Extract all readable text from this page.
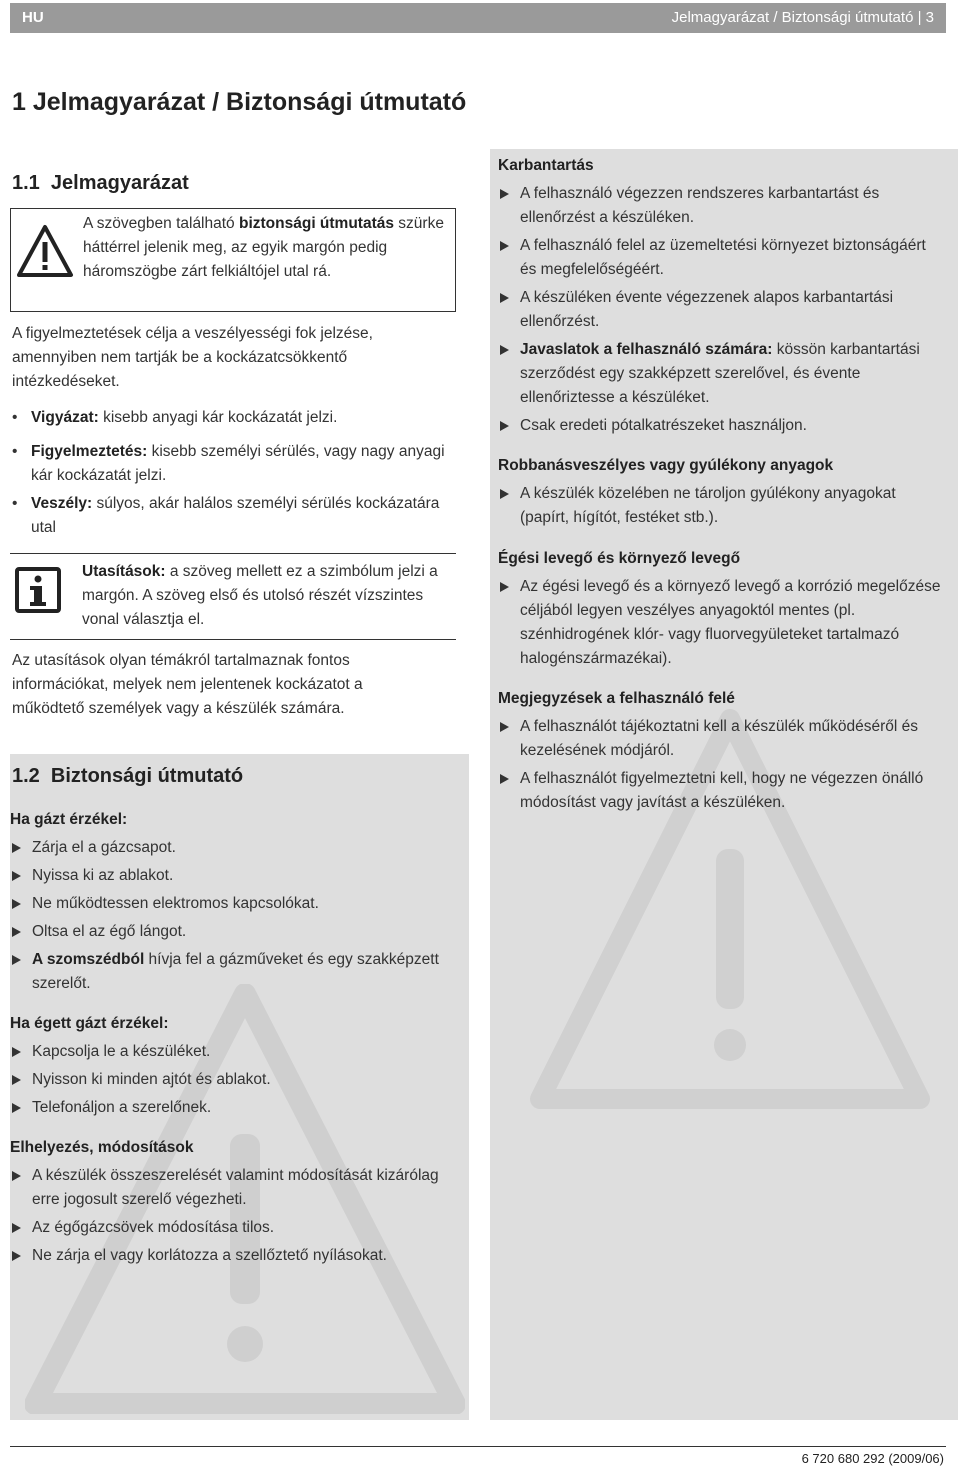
HU	Jelmagyarázat / Biztonsági útmutató | 3
1 Jelmagyarázat / Biztonsági útmutató
1.1  Jelmagyarázat
A szövegben található biztonsági útmutatás szürke háttérrel jelenik meg, az egyik margón pedig háromszögbe zárt felkiáltójel utal rá.
A figyelmeztetések célja a veszélyességi fok jelzése, amennyiben nem tartják be a kockázatcsökkentő intézkedéseket.
• Vigyázat: kisebb anyagi kár kockázatát jelzi.
• Figyelmeztetés: kisebb személyi sérülés, vagy nagy anyagi kár kockázatát jelzi.
• Veszély: súlyos, akár halálos személyi sérülés kockázatára utal
Utasítások: a szöveg mellett ez a szimbólum jelzi a margón. A szöveg első és utolsó részét vízszintes vonal választja el.
Az utasítások olyan témákról tartalmaznak fontos információkat, melyek nem jelentenek kockázatot a működtető személyek vagy a készülék számára.
1.2  Biztonsági útmutató
Ha gázt érzékel:
Zárja el a gázcsapot.
Nyissa ki az ablakot.
Ne működtessen elektromos kapcsolókat.
Oltsa el az égő lángot.
A szomszédból hívja fel a gázműveket és egy szakképzett szerelőt.
Ha égett gázt érzékel:
Kapcsolja le a készüléket.
Nyisson ki minden ajtót és ablakot.
Telefonáljon a szerelőnek.
Elhelyezés, módosítások
A készülék összeszerelését valamint módosítását kizárólag erre jogosult szerelő végezheti.
Az égőgázcsövek módosítása tilos.
Ne zárja el vagy korlátozza a szellőztető nyílásokat.
Karbantartás
A felhasználó végezzen rendszeres karbantartást és ellenőrzést a készüléken.
A felhasználó felel az üzemeltetési környezet biztonságáért és megfelelőségéért.
A készüléken évente végezzenek alapos karbantartási ellenőrzést.
Javaslatok a felhasználó számára: kössön karbantartási szerződést egy szakképzett szerelővel, és évente ellenőriztesse a készüléket.
Csak eredeti pótalkatrészeket használjon.
Robbanásveszélyes vagy gyúlékony anyagok
A készülék közelében ne tároljon gyúlékony anyagokat (papírt, hígítót, festéket stb.).
Égési levegő és környező levegő
Az égési levegő és a környező levegő a korrózió megelőzése céljából legyen veszélyes anyagoktól mentes (pl. szénhidrogének klór- vagy fluorvegyületeket tartalmazó halogénszármazékai).
Megjegyzések a felhasználó felé
A felhasználót tájékoztatni kell a készülék működéséről és kezelésének módjáról.
A felhasználót figyelmeztetni kell, hogy ne végezzen önálló módosítást vagy javítást a készüléken.
6 720 680 292 (2009/06)
